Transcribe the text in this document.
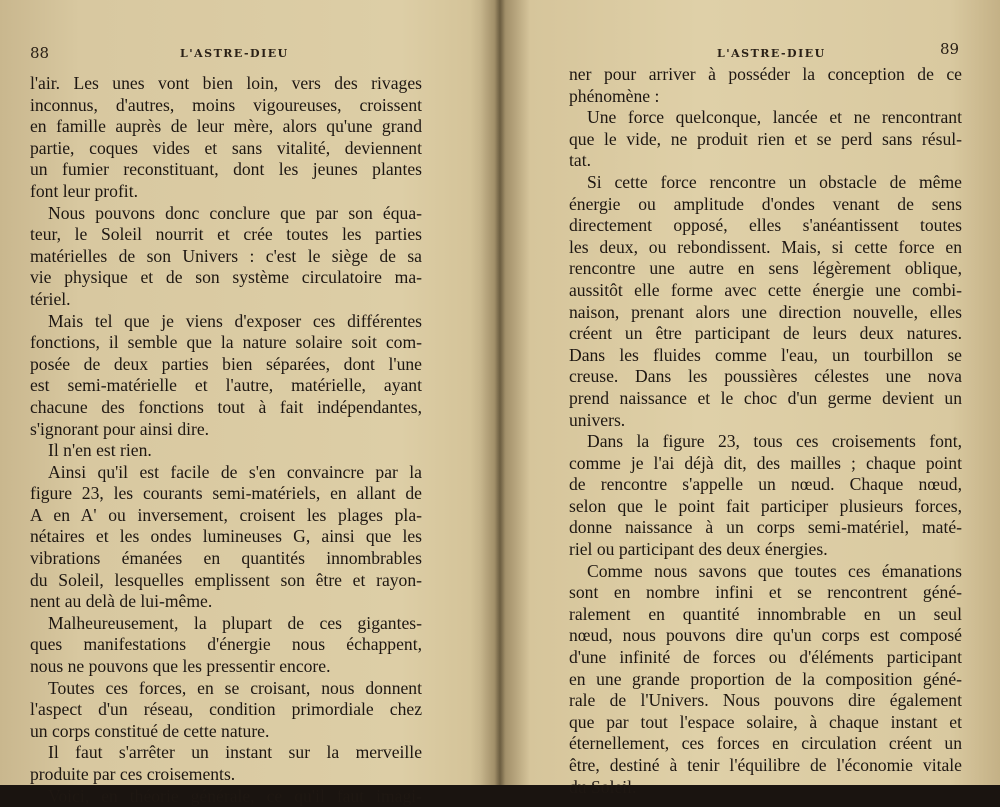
88	L'ASTRE-DIEU
l'air. Les unes vont bien loin, vers des rivages
inconnus, d'autres, moins vigoureuses, croissent
en famille auprès de leur mère, alors qu'une grand
partie, coques vides et sans vitalité, deviennent
un fumier reconstituant, dont les jeunes plantes
font leur profit.
Nous pouvons donc conclure que par son équa-
teur, le Soleil nourrit et crée toutes les parties
matérielles de son Univers : c'est le siège de sa
vie physique et de son système circulatoire ma-
tériel.
Mais tel que je viens d'exposer ces différentes
fonctions, il semble que la nature solaire soit com-
posée de deux parties bien séparées, dont l'une
est semi-matérielle et l'autre, matérielle, ayant
chacune des fonctions tout à fait indépendantes,
s'ignorant pour ainsi dire.
Il n'en est rien.
Ainsi qu'il est facile de s'en convaincre par la
figure 23, les courants semi-matériels, en allant de
A en A' ou inversement, croisent les plages pla-
nétaires et les ondes lumineuses G, ainsi que les
vibrations émanées en quantités innombrables
du Soleil, lesquelles emplissent son être et rayon-
nent au delà de lui-même.
Malheureusement, la plupart de ces gigantes-
ques manifestations d'énergie nous échappent,
nous ne pouvons que les pressentir encore.
Toutes ces forces, en se croisant, nous donnent
l'aspect d'un réseau, condition primordiale chez
un corps constitué de cette nature.
Il faut s'arrêter un instant sur la merveille
produite par ces croisements.
Voici, en théorie générale, ce qu'il faut imagi-
L'ASTRE-DIEU	89
ner pour arriver à posséder la conception de ce
phénomène :
Une force quelconque, lancée et ne rencontrant
que le vide, ne produit rien et se perd sans résul-
tat.
Si cette force rencontre un obstacle de même
énergie ou amplitude d'ondes venant de sens
directement opposé, elles s'anéantissent toutes
les deux, ou rebondissent. Mais, si cette force en
rencontre une autre en sens légèrement oblique,
aussitôt elle forme avec cette énergie une combi-
naison, prenant alors une direction nouvelle, elles
créent un être participant de leurs deux natures.
Dans les fluides comme l'eau, un tourbillon se
creuse. Dans les poussières célestes une nova
prend naissance et le choc d'un germe devient un
univers.
Dans la figure 23, tous ces croisements font,
comme je l'ai déjà dit, des mailles ; chaque point
de rencontre s'appelle un nœud. Chaque nœud,
selon que le point fait participer plusieurs forces,
donne naissance à un corps semi-matériel, maté-
riel ou participant des deux énergies.
Comme nous savons que toutes ces émanations
sont en nombre infini et se rencontrent géné-
ralement en quantité innombrable en un seul
nœud, nous pouvons dire qu'un corps est composé
d'une infinité de forces ou d'éléments participant
en une grande proportion de la composition géné-
rale de l'Univers. Nous pouvons dire également
que par tout l'espace solaire, à chaque instant et
éternellement, ces forces en circulation créent un
être, destiné à tenir l'équilibre de l'économie vitale
du Soleil.
